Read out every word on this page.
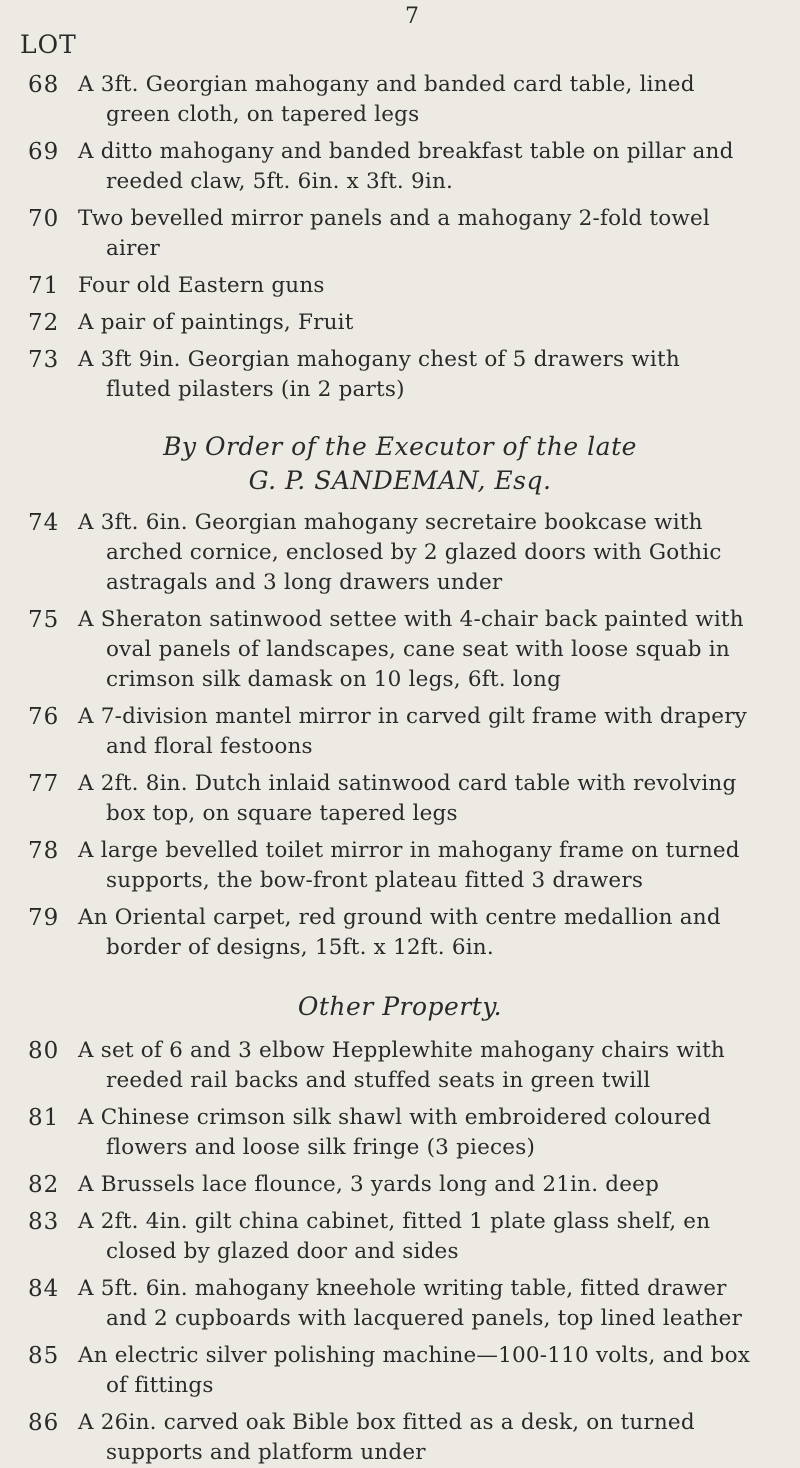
7
LOT
68 A 3ft. Georgian mahogany and banded card table, lined
green cloth, on tapered legs
69 A ditto mahogany and banded breakfast table on pillar and
reeded claw, 5ft. 6in. x 3ft. 9in.
70 Two bevelled mirror panels and a mahogany 2-fold towel
airer
71 Four old Eastern guns
72 A pair of paintings, Fruit
73 A 3ft 9in. Georgian mahogany chest of 5 drawers with
fluted pilasters (in 2 parts)
By Order of the Executor of the late
G. P. SANDEMAN, Esq.
74 A 3ft. 6in. Georgian mahogany secretaire bookcase with
arched cornice, enclosed by 2 glazed doors with Gothic
astragals and 3 long drawers under
75 A Sheraton satinwood settee with 4-chair back painted with
oval panels of landscapes, cane seat with loose squab in
crimson silk damask on 10 legs, 6ft. long
76 A 7-division mantel mirror in carved gilt frame with drapery
and floral festoons
77 A 2ft. 8in. Dutch inlaid satinwood card table with revolving
box top, on square tapered legs
78 A large bevelled toilet mirror in mahogany frame on turned
supports, the bow-front plateau fitted 3 drawers
79 An Oriental carpet, red ground with centre medallion and
border of designs, 15ft. x 12ft. 6in.
Other Property.
80 A set of 6 and 3 elbow Hepplewhite mahogany chairs with
reeded rail backs and stuffed seats in green twill
81 A Chinese crimson silk shawl with embroidered coloured
flowers and loose silk fringe (3 pieces)
82 A Brussels lace flounce, 3 yards long and 21in. deep
83 A 2ft. 4in. gilt china cabinet, fitted 1 plate glass shelf, en
closed by glazed door and sides
84 A 5ft. 6in. mahogany kneehole writing table, fitted drawer
and 2 cupboards with lacquered panels, top lined leather
85 An electric silver polishing machine—100-110 volts, and box
of fittings
86 A 26in. carved oak Bible box fitted as a desk, on turned
supports and platform under
